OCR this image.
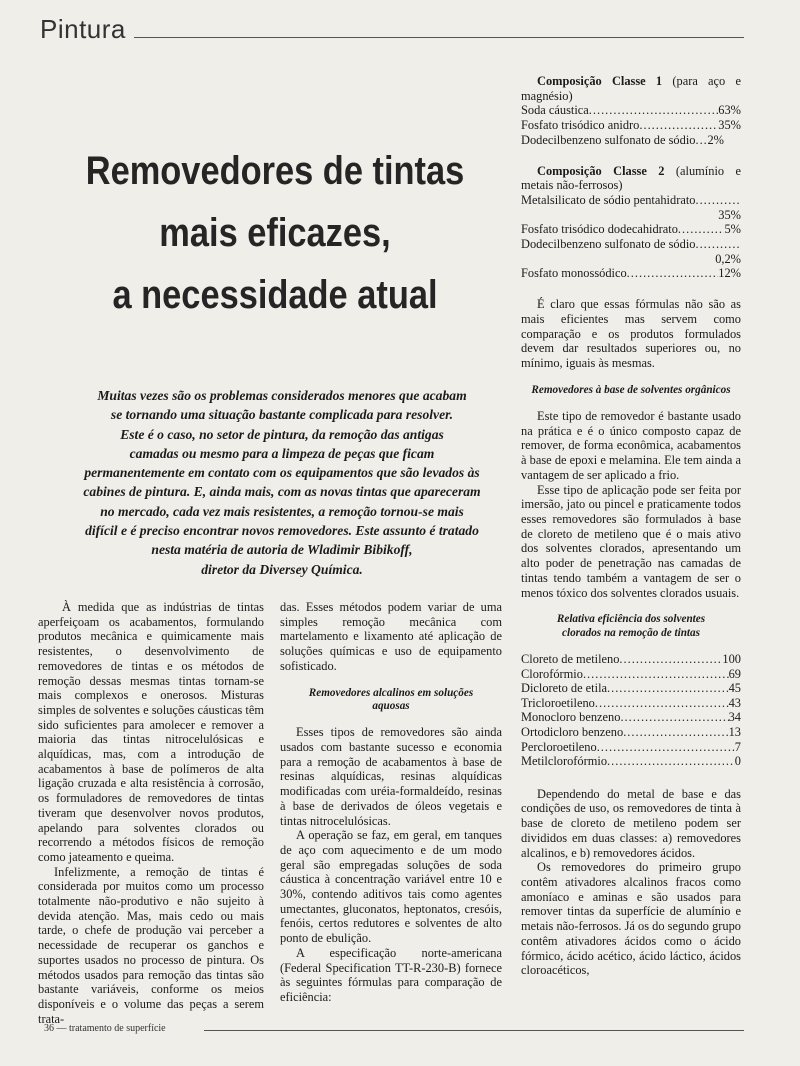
Pintura
Removedores de tintas
mais eficazes,
a necessidade atual
Muitas vezes são os problemas considerados menores que acabam
se tornando uma situação bastante complicada para resolver.
Este é o caso, no setor de pintura, da remoção das antigas
camadas ou mesmo para a limpeza de peças que ficam
permanentemente em contato com os equipamentos que são levados às
cabines de pintura. E, ainda mais, com as novas tintas que apareceram
no mercado, cada vez mais resistentes, a remoção tornou-se mais
difícil e é preciso encontrar novos removedores. Este assunto é tratado
nesta matéria de autoria de Wladimir Bibikoff,
diretor da Diversey Química.

À medida que as indústrias de tintas aperfeiçoam os acabamentos, formulando produtos mecânica e quimicamente mais resistentes, o desenvolvimento de removedores de tintas e os métodos de remoção dessas mesmas tintas tornam-se mais complexos e onerosos. Misturas simples de solventes e soluções cáusticas têm sido suficientes para amolecer e remover a maioria das tintas nitrocelulósicas e alquídicas, mas, com a introdução de acabamentos à base de polímeros de alta ligação cruzada e alta resistência à corrosão, os formuladores de removedores de tintas tiveram que desenvolver novos produtos, apelando para solventes clorados ou recorrendo a métodos físicos de remoção como jateamento e queima.

Infelizmente, a remoção de tintas é considerada por muitos como um processo totalmente não-produtivo e não sujeito à devida atenção. Mas, mais cedo ou mais tarde, o chefe de produção vai perceber a necessidade de recuperar os ganchos e suportes usados no processo de pintura. Os métodos usados para remoção das tintas são bastante variáveis, conforme os meios disponíveis e o volume das peças a serem trata-

das. Esses métodos podem variar de uma simples remoção mecânica com martelamento e lixamento até aplicação de soluções químicas e uso de equipamento sofisticado.

Removedores alcalinos em soluções aquosas

Esses tipos de removedores são ainda usados com bastante sucesso e economia para a remoção de acabamentos à base de resinas alquídicas, resinas alquídicas modificadas com uréia-formaldeído, resinas à base de derivados de óleos vegetais e tintas nitrocelulósicas.

A operação se faz, em geral, em tanques de aço com aquecimento e de um modo geral são empregadas soluções de soda cáustica à concentração variável entre 10 e 30%, contendo aditivos tais como agentes umectantes, gluconatos, heptonatos, cresóis, fenóis, certos redutores e solventes de alto ponto de ebulição.

A especificação norte-americana (Federal Specification TT-R-230-B) fornece às seguintes fórmulas para comparação de eficiência:

Composição Classe 1 (para aço e magnésio)

Soda cáustica .....	63%
Fosfato trisódico anidro .....	35%
Dodecilbenzeno sulfonato de sódio ..... 2%

Composição Classe 2 (alumínio e metais não-ferrosos)

Metalsilicato de sódio pentahidrato
.....
35%
Fosfato trisódico dodecahidrato .....	5%
Dodecilbenzeno sulfonato de sódio
.....
0,2%
Fosfato monossódico .....	12%

É claro que essas fórmulas não são as mais eficientes mas servem como comparação e os produtos formulados devem dar resultados superiores ou, no mínimo, iguais às mesmas.

Removedores à base de solventes orgânicos

Este tipo de removedor é bastante usado na prática e é o único composto capaz de remover, de forma econômica, acabamentos à base de epoxi e melamina. Ele tem ainda a vantagem de ser aplicado a frio.

Esse tipo de aplicação pode ser feita por imersão, jato ou pincel e praticamente todos esses removedores são formulados à base de cloreto de metileno que é o mais ativo dos solventes clorados, apresentando um alto poder de penetração nas camadas de tintas tendo também a vantagem de ser o menos tóxico dos solventes clorados usuais.

Relativa eficiência dos solventes clorados na remoção de tintas
Cloreto de metileno .....	100
Clorofórmio .....	69
Dicloreto de etila .....	45
Tricloroetileno .....	43
Monocloro benzeno .....	34
Ortodicloro benzeno .....	13
Percloroetileno .....	7
Metilclorofórmio .....	0

Dependendo do metal de base e das condições de uso, os removedores de tinta à base de cloreto de metileno podem ser divididos em duas classes: a) removedores alcalinos, e b) removedores ácidos.

Os removedores do primeiro grupo contêm ativadores alcalinos fracos como amoníaco e aminas e são usados para remover tintas da superfície de alumínio e metais não-ferrosos. Já os do segundo grupo contêm ativadores ácidos como o ácido fórmico, ácido acético, ácido láctico, ácidos cloroacéticos,

36 — tratamento de superfície
